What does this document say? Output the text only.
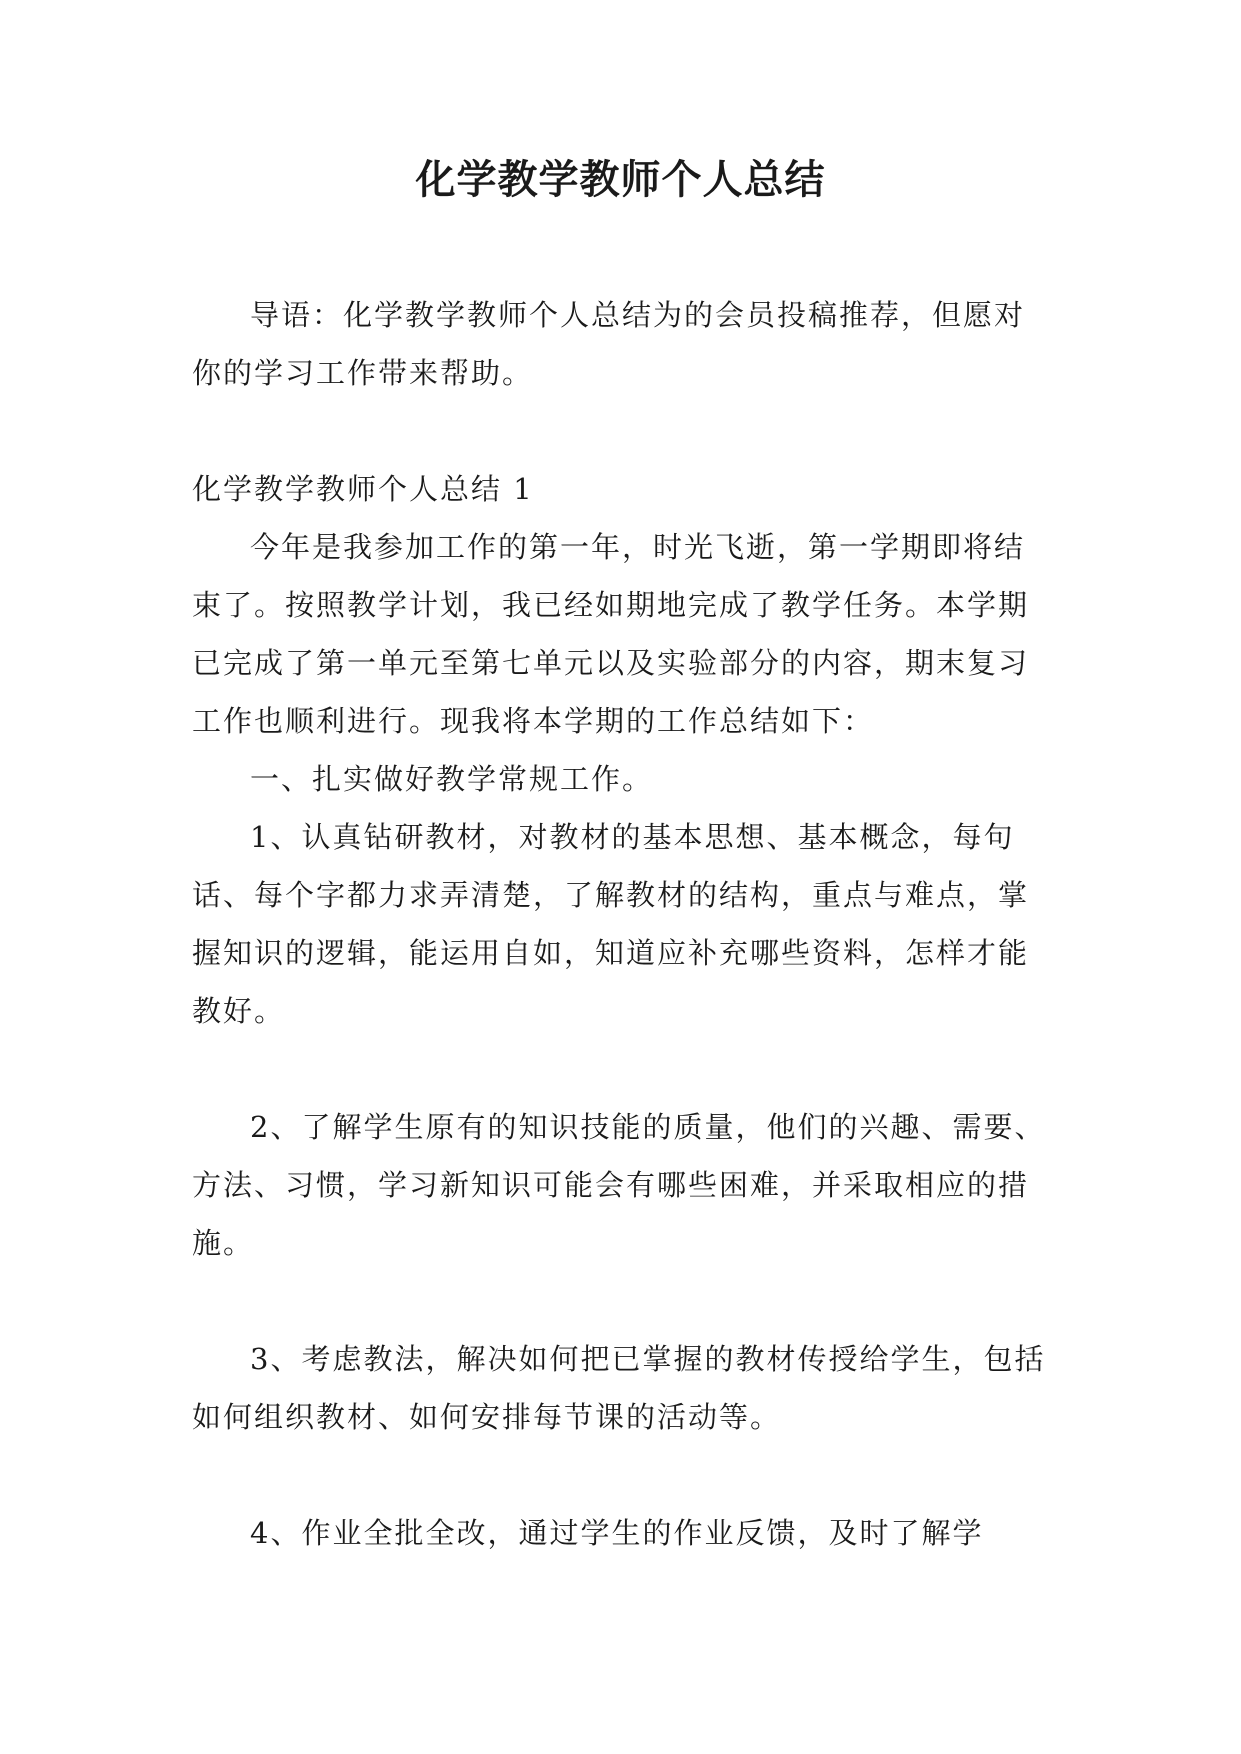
化学教学教师个人总结

导语：化学教学教师个人总结为的会员投稿推荐，但愿对你的学习工作带来帮助。

化学教学教师个人总结 1

今年是我参加工作的第一年，时光飞逝，第一学期即将结束了。按照教学计划，我已经如期地完成了教学任务。本学期已完成了第一单元至第七单元以及实验部分的内容，期末复习工作也顺利进行。现我将本学期的工作总结如下：

一、扎实做好教学常规工作。

1、认真钻研教材，对教材的基本思想、基本概念，每句话、每个字都力求弄清楚，了解教材的结构，重点与难点，掌握知识的逻辑，能运用自如，知道应补充哪些资料，怎样才能教好。

2、了解学生原有的知识技能的质量，他们的兴趣、需要、方法、习惯，学习新知识可能会有哪些困难，并采取相应的措施。

3、考虑教法，解决如何把已掌握的教材传授给学生，包括如何组织教材、如何安排每节课的活动等。

4、作业全批全改，通过学生的作业反馈，及时了解学
